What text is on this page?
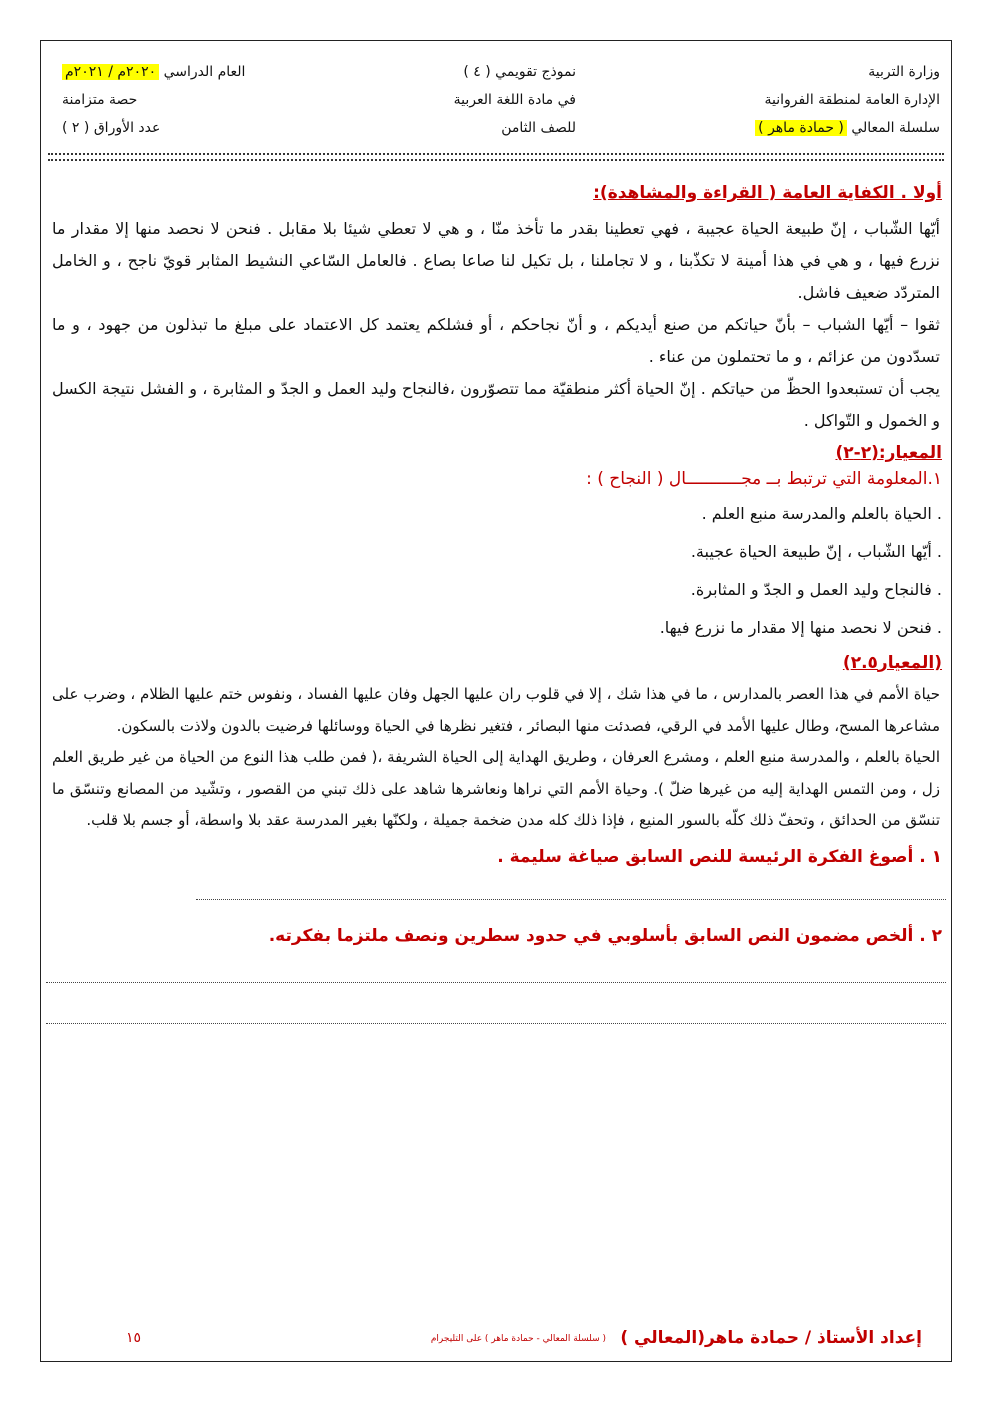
وزارة التربية
الإدارة العامة لمنطقة الفروانية
سلسلة المعالي ( حمادة ماهر )
نموذج تقويمي ( ٤ )
في مادة اللغة العربية
للصف الثامن
العام الدراسي ٢٠٢٠م / ٢٠٢١م
حصة متزامنة
عدد الأوراق ( ٢ )
أولا . الكفاية العامة ( القراءة والمشاهدة):

أيّها الشّباب ، إنّ طبيعة الحياة عجيبة ، فهي تعطينا بقدر ما تأخذ منّا ، و هي لا تعطي شيئا بلا مقابل . فنحن لا نحصد منها إلا مقدار ما نزرع فيها ، و هي في هذا أمينة لا تكذّبنا ، و لا تجاملنا ، بل تكيل لنا صاعا بصاع . فالعامل السّاعي النشيط المثابر قويّ ناجح ، و الخامل المتردّد ضعيف فاشل.

ثقوا – أيّها الشباب – بأنّ حياتكم من صنع أيديكم ، و أنّ نجاحكم ، أو فشلكم يعتمد كل الاعتماد على مبلغ ما تبذلون من جهود ، و ما تسدّدون من عزائم ، و ما تحتملون من عناء .

يجب أن تستبعدوا الحظّ من حياتكم . إنّ الحياة أكثر منطقيّة مما تتصوّرون ،فالنجاح وليد العمل و الجدّ و المثابرة ، و الفشل نتيجة الكسل و الخمول و التّواكل .

المعيار:(٢-٢)
١.المعلومة التي ترتبط بــ مجـــــــــــال ( النجاح ) :
. الحياة بالعلم والمدرسة منبع العلم .
. أيّها الشّباب ، إنّ طبيعة الحياة عجيبة.
. فالنجاح وليد العمل و الجدّ و المثابرة.
. فنحن لا نحصد منها إلا مقدار ما نزرع فيها.
(المعيار٢.٥)

حياة الأمم في هذا العصر بالمدارس ، ما في هذا شك ، إلا في قلوب ران عليها الجهل وفان عليها الفساد ، ونفوس ختم عليها الظلام ، وضرب على مشاعرها المسح، وطال عليها الأمد في الرقي، فصدئت منها البصائر ، فتغير نظرها في الحياة ووسائلها فرضيت بالدون ولاذت بالسكون.

الحياة بالعلم ، والمدرسة منبع العلم ، ومشرع العرفان ، وطريق الهداية إلى الحياة الشريفة ،( فمن طلب هذا النوع من الحياة من غير طريق العلم زل ، ومن التمس الهداية إليه من غيرها ضلّ ). وحياة الأمم التي نراها ونعاشرها شاهد على ذلك تبني من القصور ، وتشّيد من المصانع وتنسّق ما تنسّق من الحدائق ، وتحفّ ذلك كلّه بالسور المنيع ، فإذا ذلك كله مدن ضخمة جميلة ، ولكنّها بغير المدرسة عقد بلا واسطة، أو جسم بلا قلب.

١ . أصوغ الفكرة الرئيسة للنص السابق صياغة سليمة .
٢ . ألخص مضمون النص السابق بأسلوبي في حدود سطرين ونصف ملتزما بفكرته.
إعداد الأستاذ / حمادة ماهر(المعالي )
( سلسلة المعالي - حمادة ماهر ) على التليجرام
١٥
